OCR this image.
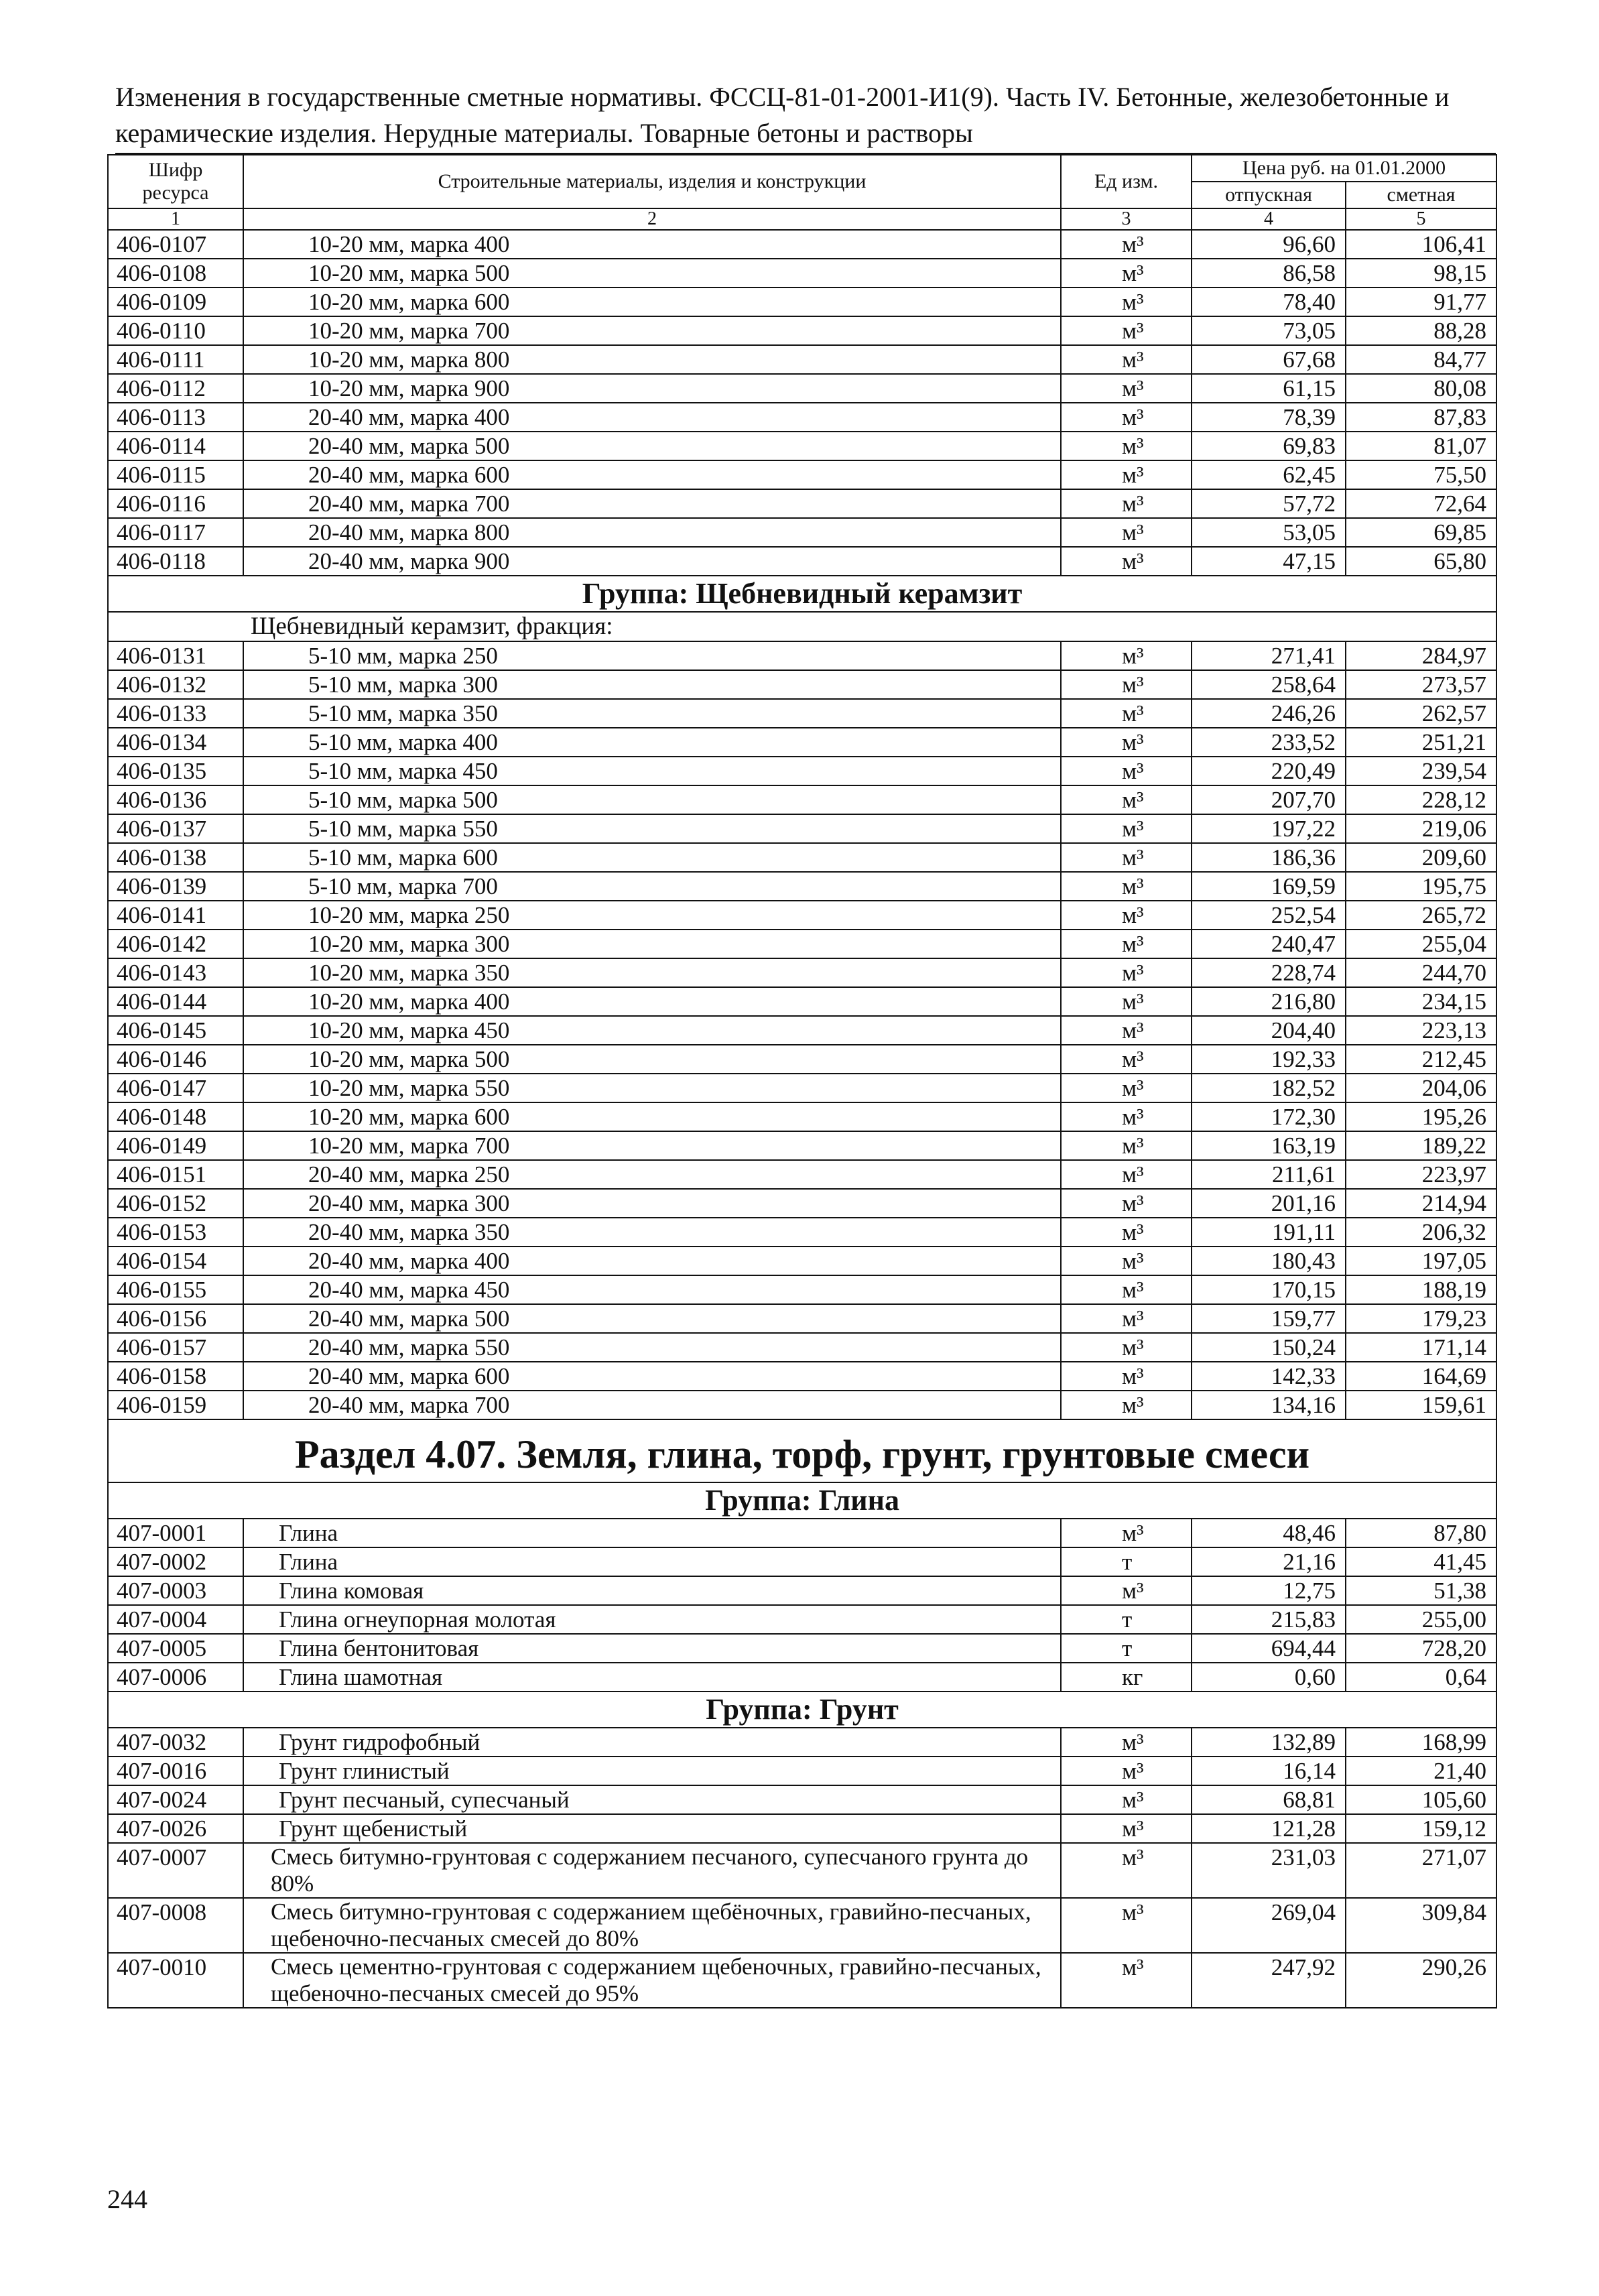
Изменения в государственные сметные нормативы. ФССЦ-81-01-2001-И1(9). Часть IV. Бетонные, железобетонные и
керамические изделия. Нерудные материалы. Товарные бетоны и растворы
Шифр ресурса	Строительные материалы, изделия и конструкции	Ед изм.	Цена руб. на 01.01.2000	
			отпускная	сметная
1	2	3	4	5
406-0107	10-20 мм, марка 400	м³	96,60	106,41
406-0108	10-20 мм, марка 500	м³	86,58	98,15
406-0109	10-20 мм, марка 600	м³	78,40	91,77
406-0110	10-20 мм, марка 700	м³	73,05	88,28
406-0111	10-20 мм, марка 800	м³	67,68	84,77
406-0112	10-20 мм, марка 900	м³	61,15	80,08
406-0113	20-40 мм, марка 400	м³	78,39	87,83
406-0114	20-40 мм, марка 500	м³	69,83	81,07
406-0115	20-40 мм, марка 600	м³	62,45	75,50
406-0116	20-40 мм, марка 700	м³	57,72	72,64
406-0117	20-40 мм, марка 800	м³	53,05	69,85
406-0118	20-40 мм, марка 900	м³	47,15	65,80
Группа: Щебневидный керамзит				
Щебневидный керамзит, фракция:				
406-0131	5-10 мм, марка 250	м³	271,41	284,97
406-0132	5-10 мм, марка 300	м³	258,64	273,57
406-0133	5-10 мм, марка 350	м³	246,26	262,57
406-0134	5-10 мм, марка 400	м³	233,52	251,21
406-0135	5-10 мм, марка 450	м³	220,49	239,54
406-0136	5-10 мм, марка 500	м³	207,70	228,12
406-0137	5-10 мм, марка 550	м³	197,22	219,06
406-0138	5-10 мм, марка 600	м³	186,36	209,60
406-0139	5-10 мм, марка 700	м³	169,59	195,75
406-0141	10-20 мм, марка 250	м³	252,54	265,72
406-0142	10-20 мм, марка 300	м³	240,47	255,04
406-0143	10-20 мм, марка 350	м³	228,74	244,70
406-0144	10-20 мм, марка 400	м³	216,80	234,15
406-0145	10-20 мм, марка 450	м³	204,40	223,13
406-0146	10-20 мм, марка 500	м³	192,33	212,45
406-0147	10-20 мм, марка 550	м³	182,52	204,06
406-0148	10-20 мм, марка 600	м³	172,30	195,26
406-0149	10-20 мм, марка 700	м³	163,19	189,22
406-0151	20-40 мм, марка 250	м³	211,61	223,97
406-0152	20-40 мм, марка 300	м³	201,16	214,94
406-0153	20-40 мм, марка 350	м³	191,11	206,32
406-0154	20-40 мм, марка 400	м³	180,43	197,05
406-0155	20-40 мм, марка 450	м³	170,15	188,19
406-0156	20-40 мм, марка 500	м³	159,77	179,23
406-0157	20-40 мм, марка 550	м³	150,24	171,14
406-0158	20-40 мм, марка 600	м³	142,33	164,69
406-0159	20-40 мм, марка 700	м³	134,16	159,61
Раздел 4.07. Земля, глина, торф, грунт, грунтовые смеси				
Группа: Глина				
407-0001	Глина	м³	48,46	87,80
407-0002	Глина	т	21,16	41,45
407-0003	Глина комовая	м³	12,75	51,38
407-0004	Глина огнеупорная молотая	т	215,83	255,00
407-0005	Глина бентонитовая	т	694,44	728,20
407-0006	Глина шамотная	кг	0,60	0,64
Группа: Грунт				
407-0032	Грунт гидрофобный	м³	132,89	168,99
407-0016	Грунт глинистый	м³	16,14	21,40
407-0024	Грунт песчаный, супесчаный	м³	68,81	105,60
407-0026	Грунт щебенистый	м³	121,28	159,12
407-0007	Смесь битумно-грунтовая с содержанием песчаного, супесчаного грунта до 80%	м³	231,03	271,07
407-0008	Смесь битумно-грунтовая с содержанием щебёночных, гравийно-песчаных, щебеночно-песчаных смесей до 80%	м³	269,04	309,84
407-0010	Смесь цементно-грунтовая с содержанием щебеночных, гравийно-песчаных, щебеночно-песчаных смесей до 95%	м³	247,92	290,26
244
